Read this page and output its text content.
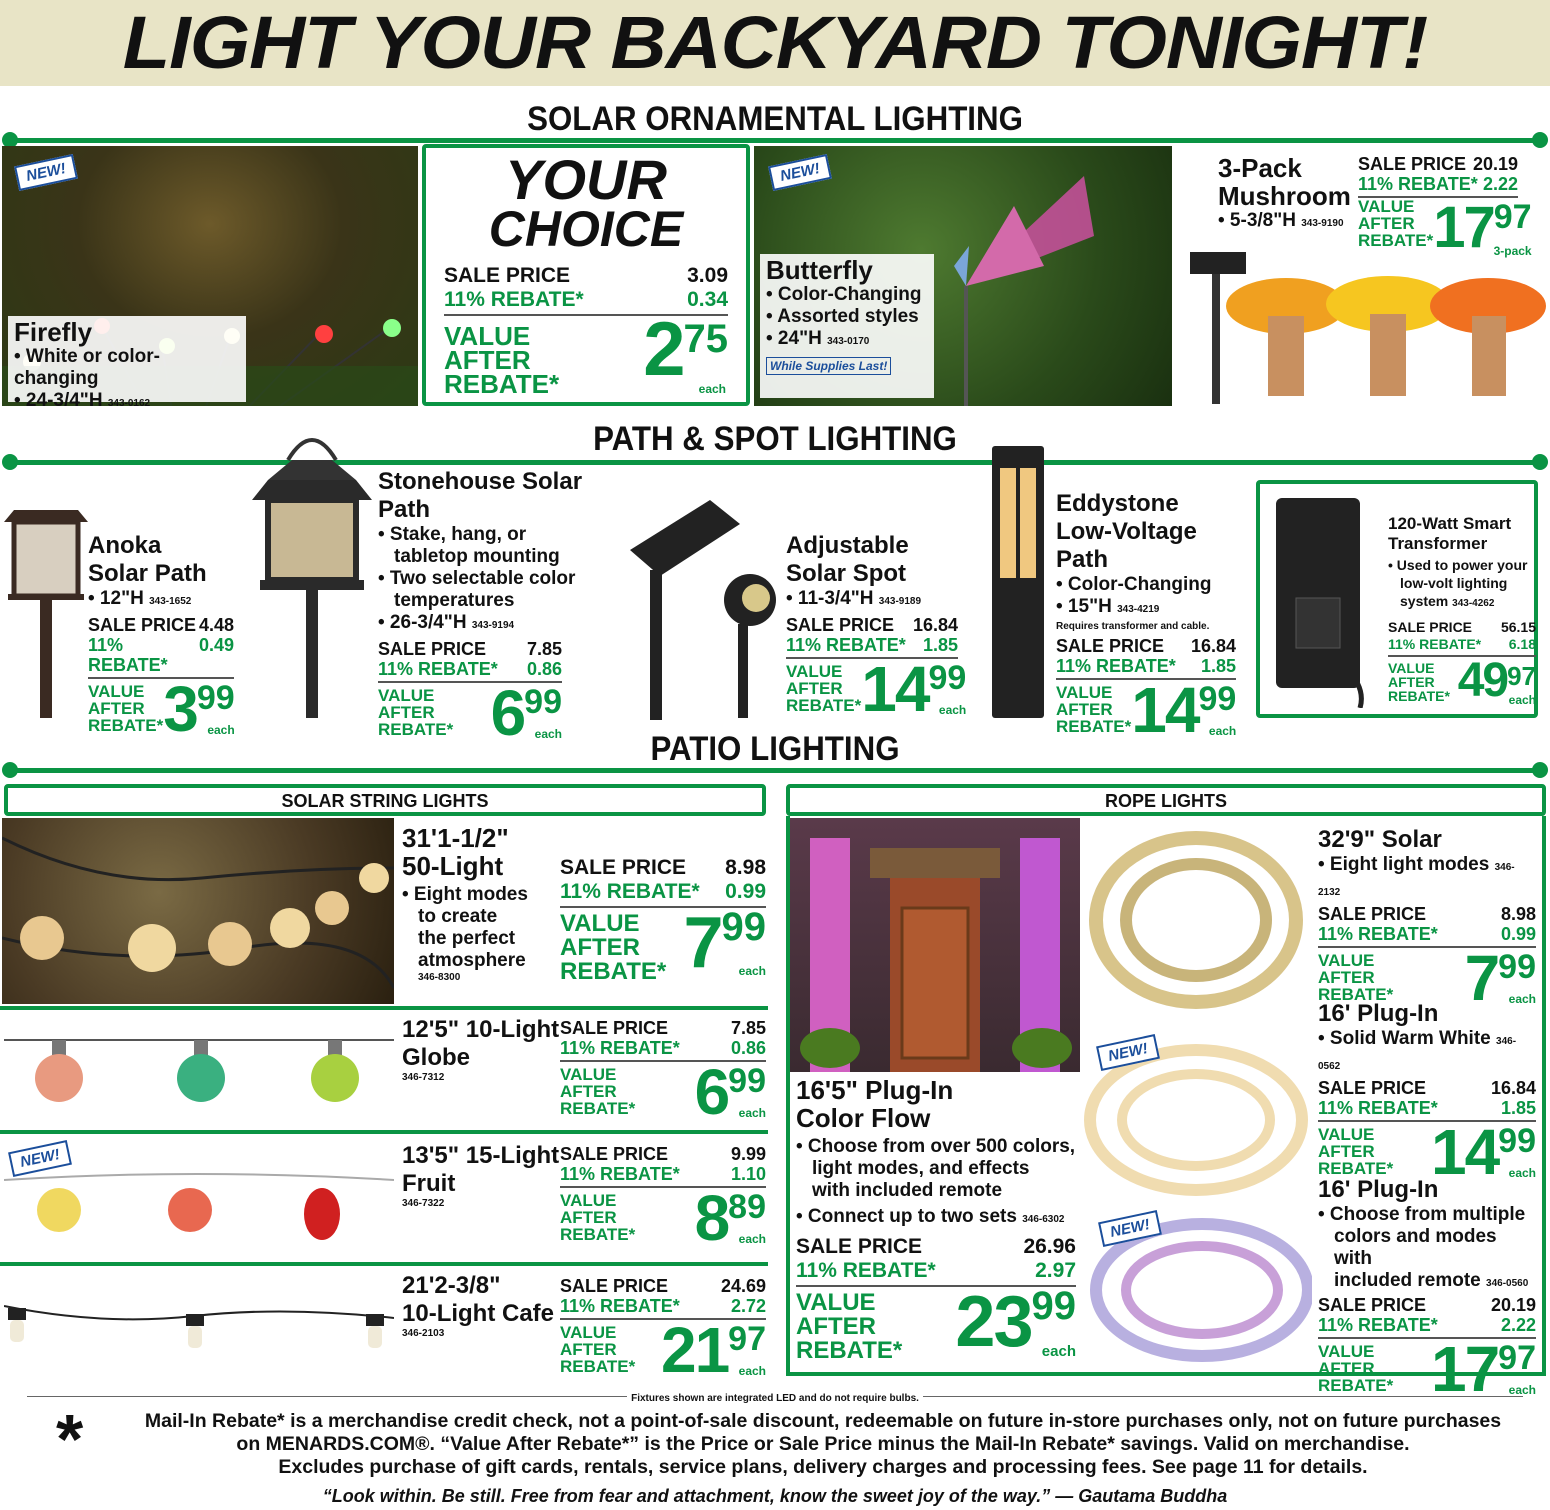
LIGHT YOUR BACKYARD TONIGHT!
SOLAR ORNAMENTAL LIGHTING
NEW!
Firefly
• White or color-changing
• 24-3/4"H 343-0162
YOUR
CHOICE
SALE PRICE	3.09
11% REBATE*	0.34
VALUE
AFTER
REBATE* 275
each
NEW!
Butterfly
• Color-Changing
• Assorted styles
• 24"H 343-0170
While Supplies Last!
3-Pack
Mushroom
• 5-3/8"H 343-9190
SALE PRICE 20.19
11% REBATE* 2.22
VALUE
AFTER
REBATE* 1797
3-pack
PATH & SPOT LIGHTING
Anoka
Solar Path
• 12"H 343-1652
SALE PRICE 4.48
11% REBATE*
0.49
VALUE
AFTER
REBATE* 399
each
Stonehouse Solar Path
• Stake, hang, or
tabletop mounting
• Two selectable color
temperatures
• 26-3/4"H 343-9194
SALE PRICE 7.85
11% REBATE* 0.86
VALUE
AFTER
REBATE* 699
each
Adjustable
Solar Spot
• 11-3/4"H 343-9189
SALE PRICE 16.84
11% REBATE* 1.85
VALUE
AFTER
REBATE* 1499
each
Eddystone
Low-Voltage Path
• Color-Changing
• 15"H 343-4219
Requires transformer and cable.
SALE PRICE 16.84
11% REBATE* 1.85
VALUE
AFTER
REBATE* 1499
each
120-Watt Smart
Transformer
• Used to power your
low-volt lighting
system 343-4262
SALE PRICE 56.15
11% REBATE* 6.18
VALUE
AFTER
REBATE* 4997
each
PATIO LIGHTING
SOLAR STRING LIGHTS	ROPE LIGHTS
31'1-1/2"
50-Light
• Eight modes
to create
the perfect
atmosphere
346-8300
SALE PRICE 8.98
11% REBATE* 0.99
VALUE
AFTER
REBATE* 799
each
12'5" 10-Light
Globe
346-7312
SALE PRICE	7.85
11% REBATE*	0.86
VALUE
AFTER
REBATE* 699
each
NEW!	13'5" 15-Light
Fruit
346-7322
SALE PRICE	9.99
11% REBATE*	1.10
VALUE
AFTER
REBATE* 889
each
21'2-3/8"
10-Light Cafe
346-2103
SALE PRICE	24.69
11% REBATE*	2.72
VALUE
AFTER
REBATE* 2197
each
16'5" Plug-In
Color Flow
• Choose from over 500 colors,
light modes, and effects
with included remote
• Connect up to two sets 346-6302
SALE PRICE	26.96
11% REBATE*	2.97
VALUE
AFTER
REBATE* 2399
each
NEW!
NEW!
32'9" Solar
• Eight light modes 346-2132
SALE PRICE	8.98
11% REBATE*	0.99
VALUE
AFTER
REBATE* 799
each
16' Plug-In
• Solid Warm White 346-0562
SALE PRICE	16.84
11% REBATE*	1.85
VALUE
AFTER
REBATE* 1499
each
16' Plug-In
• Choose from multiple
colors and modes with
included remote 346-0560
SALE PRICE	20.19
11% REBATE*	2.22
VALUE
AFTER
REBATE* 1797
each
Fixtures shown are integrated LED and do not require bulbs.
*	Mail-In Rebate* is a merchandise credit check, not a point-of-sale discount, redeemable on future in-store purchases only, not on future purchases
on MENARDS.COM®. “Value After Rebate*” is the Price or Sale Price minus the Mail-In Rebate* savings. Valid on merchandise.
Excludes purchase of gift cards, rentals, service plans, delivery charges and processing fees. See page 11 for details.
“Look within. Be still. Free from fear and attachment, know the sweet joy of the way.” — Gautama Buddha
